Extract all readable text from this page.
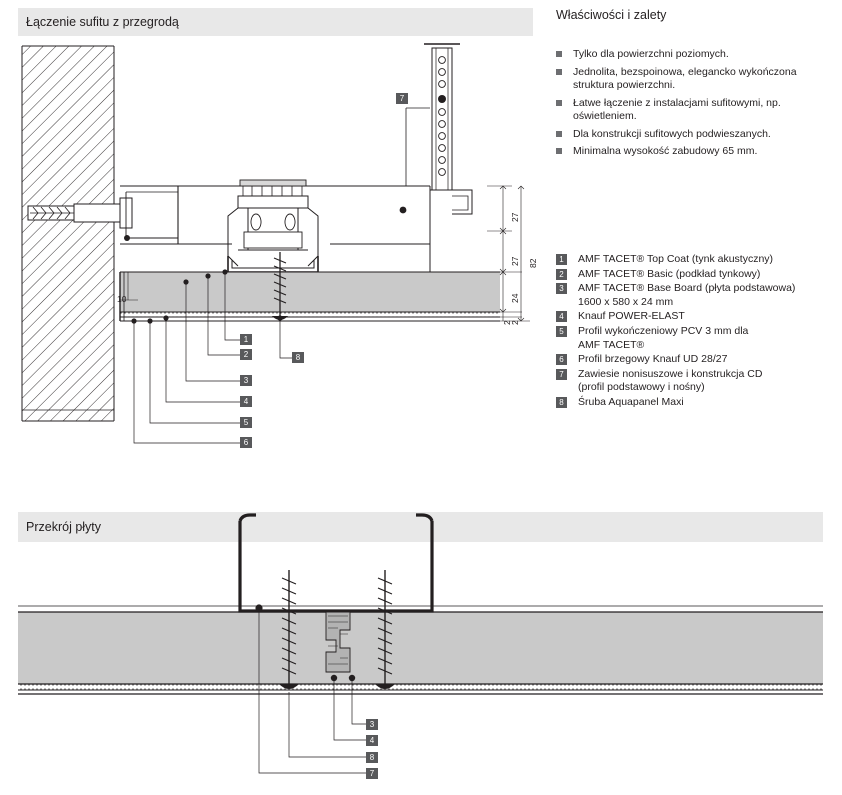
Łączenie sufitu z przegrodą	Właściwości i zalety
Tylko dla powierzchni poziomych.
Jednolita, bezspoinowa, elegancko wykończona struktura powierzchni.
Łatwe łączenie z instalacjami sufitowymi, np. oświetleniem.
Dla konstrukcji sufitowych podwieszanych.
Minimalna wysokość zabudowy 65 mm.
1	AMF TACET® Top Coat (tynk akustyczny)
2	AMF TACET® Basic (podkład tynkowy)
3	AMF TACET® Base Board (płyta podstawowa)
1600 x 580 x 24 mm
4	Knauf POWER-ELAST
5	Profil wykończeniowy PCV 3 mm dla
AMF TACET®
6	Profil brzegowy Knauf UD 28/27
7	Zawiesie nonisuszowe i konstrukcja CD
(profil podstawowy i nośny)
8	Śruba Aquapanel Maxi
27
27
24
2
2
82
10
7
1
2
3
4
5
6
8
Przekrój płyty
3
4
8
7
